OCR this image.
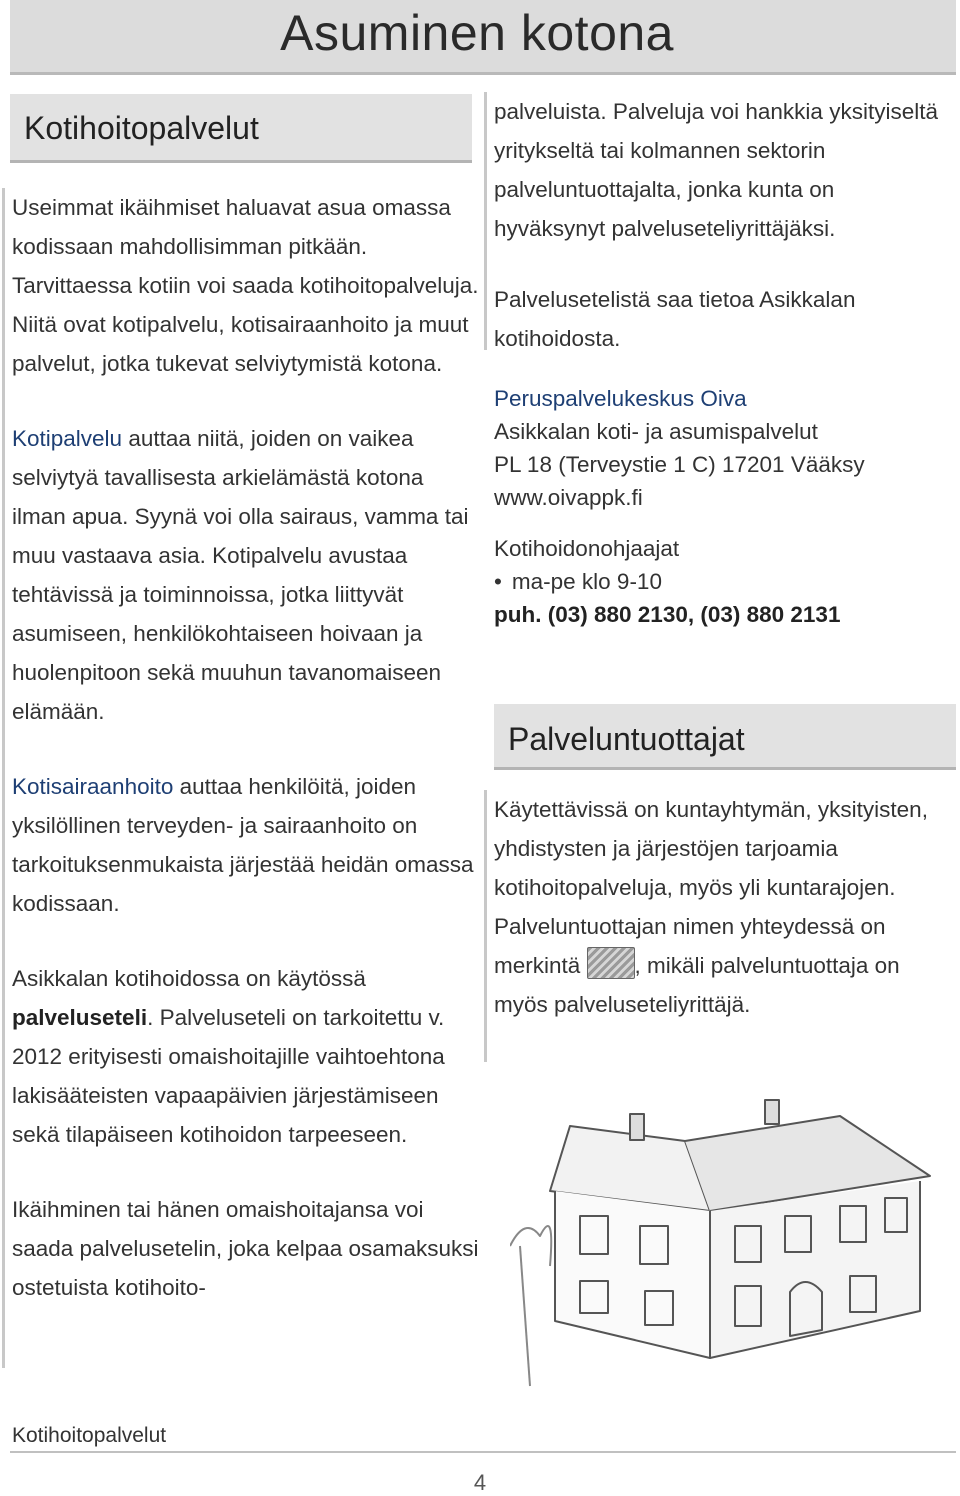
Asuminen kotona
Kotihoitopalvelut

Useimmat ikäihmiset haluavat asua omassa kodissaan mahdollisimman pitkään. Tarvittaessa kotiin voi saada kotihoitopalveluja. Niitä ovat kotipalvelu, kotisairaanhoito ja muut palvelut, jotka tukevat selviytymistä kotona.

Kotipalvelu auttaa niitä, joiden on vaikea selviytyä tavallisesta arkielämästä kotona ilman apua. Syynä voi olla sairaus, vamma tai muu vastaava asia. Kotipalvelu avustaa tehtävissä ja toiminnoissa, jotka liittyvät asumiseen, henkilökohtaiseen hoivaan ja huolenpitoon sekä muuhun tavanomaiseen elämään.

Kotisairaanhoito auttaa henkilöitä, joiden yksilöllinen terveyden- ja sairaanhoito on tarkoituksenmukaista järjestää heidän omassa kodissaan.

Asikkalan kotihoidossa on käytössä palveluseteli. Palveluseteli on tarkoitettu v. 2012 erityisesti omaishoitajille vaihtoehtona lakisääteisten vapaapäivien järjestämiseen sekä tilapäiseen kotihoidon tarpeeseen.

Ikäihminen tai hänen omaishoitajansa voi saada palvelusetelin, joka kelpaa osamaksuksi ostetuista kotihoito-

palveluista. Palveluja voi hankkia yksityiseltä yritykseltä tai kolmannen sektorin palveluntuottajalta, jonka kunta on hyväksynyt palveluseteliyrittäjäksi.

Palvelusetelistä saa tietoa Asikkalan kotihoidosta.

Peruspalvelukeskus Oiva
Asikkalan koti- ja asumispalvelut
PL 18 (Terveystie 1 C) 17201 Vääksy
www.oivappk.fi
Kotihoidonohjaajat
• ma-pe klo 9-10
puh. (03) 880 2130, (03) 880 2131
Palveluntuottajat

Käytettävissä on kuntayhtymän, yksityisten, yhdistysten ja järjestöjen tarjoamia kotihoitopalveluja, myös yli kuntarajojen. Palveluntuottajan nimen yhteydessä on merkintä , mikäli palveluntuottaja on myös palveluseteliyrittäjä.

Kotihoitopalvelut
4
